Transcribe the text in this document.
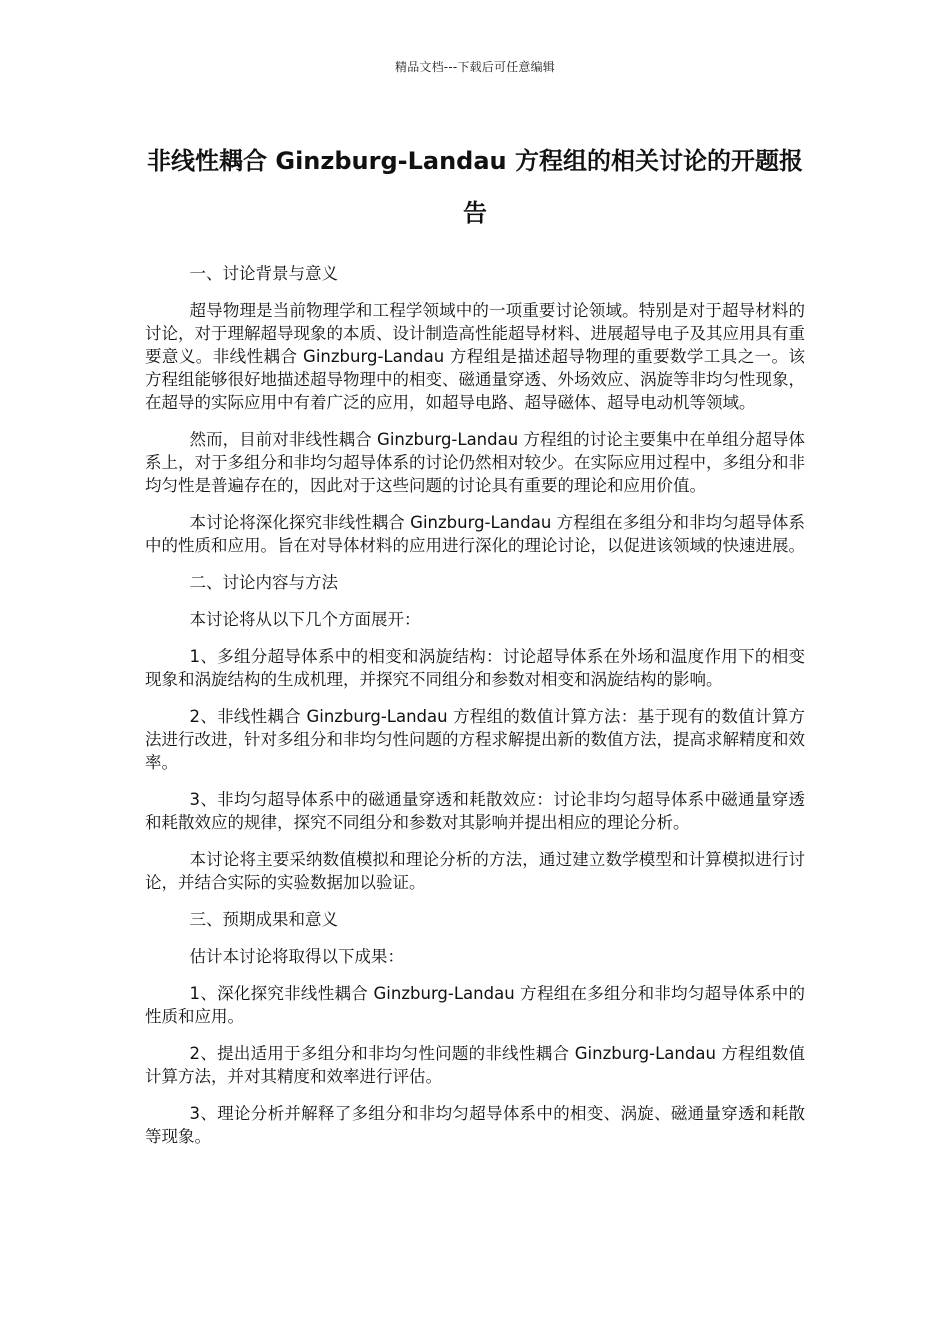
精品文档---下载后可任意编辑
非线性耦合 Ginzburg-Landau 方程组的相关讨论的开题报告

一、讨论背景与意义

超导物理是当前物理学和工程学领域中的一项重要讨论领域。特别是对于超导材料的讨论，对于理解超导现象的本质、设计制造高性能超导材料、进展超导电子及其应用具有重要意义。非线性耦合 Ginzburg-Landau 方程组是描述超导物理的重要数学工具之一。该方程组能够很好地描述超导物理中的相变、磁通量穿透、外场效应、涡旋等非均匀性现象，在超导的实际应用中有着广泛的应用，如超导电路、超导磁体、超导电动机等领域。

然而，目前对非线性耦合 Ginzburg-Landau 方程组的讨论主要集中在单组分超导体系上，对于多组分和非均匀超导体系的讨论仍然相对较少。在实际应用过程中，多组分和非均匀性是普遍存在的，因此对于这些问题的讨论具有重要的理论和应用价值。

本讨论将深化探究非线性耦合 Ginzburg-Landau 方程组在多组分和非均匀超导体系中的性质和应用。旨在对导体材料的应用进行深化的理论讨论，以促进该领域的快速进展。

二、讨论内容与方法

本讨论将从以下几个方面展开：

1、多组分超导体系中的相变和涡旋结构：讨论超导体系在外场和温度作用下的相变现象和涡旋结构的生成机理，并探究不同组分和参数对相变和涡旋结构的影响。

2、非线性耦合 Ginzburg-Landau 方程组的数值计算方法：基于现有的数值计算方法进行改进，针对多组分和非均匀性问题的方程求解提出新的数值方法，提高求解精度和效率。

3、非均匀超导体系中的磁通量穿透和耗散效应：讨论非均匀超导体系中磁通量穿透和耗散效应的规律，探究不同组分和参数对其影响并提出相应的理论分析。

本讨论将主要采纳数值模拟和理论分析的方法，通过建立数学模型和计算模拟进行讨论，并结合实际的实验数据加以验证。

三、预期成果和意义

估计本讨论将取得以下成果：

1、深化探究非线性耦合 Ginzburg-Landau 方程组在多组分和非均匀超导体系中的性质和应用。

2、提出适用于多组分和非均匀性问题的非线性耦合 Ginzburg-Landau 方程组数值计算方法，并对其精度和效率进行评估。

3、理论分析并解释了多组分和非均匀超导体系中的相变、涡旋、磁通量穿透和耗散等现象。
